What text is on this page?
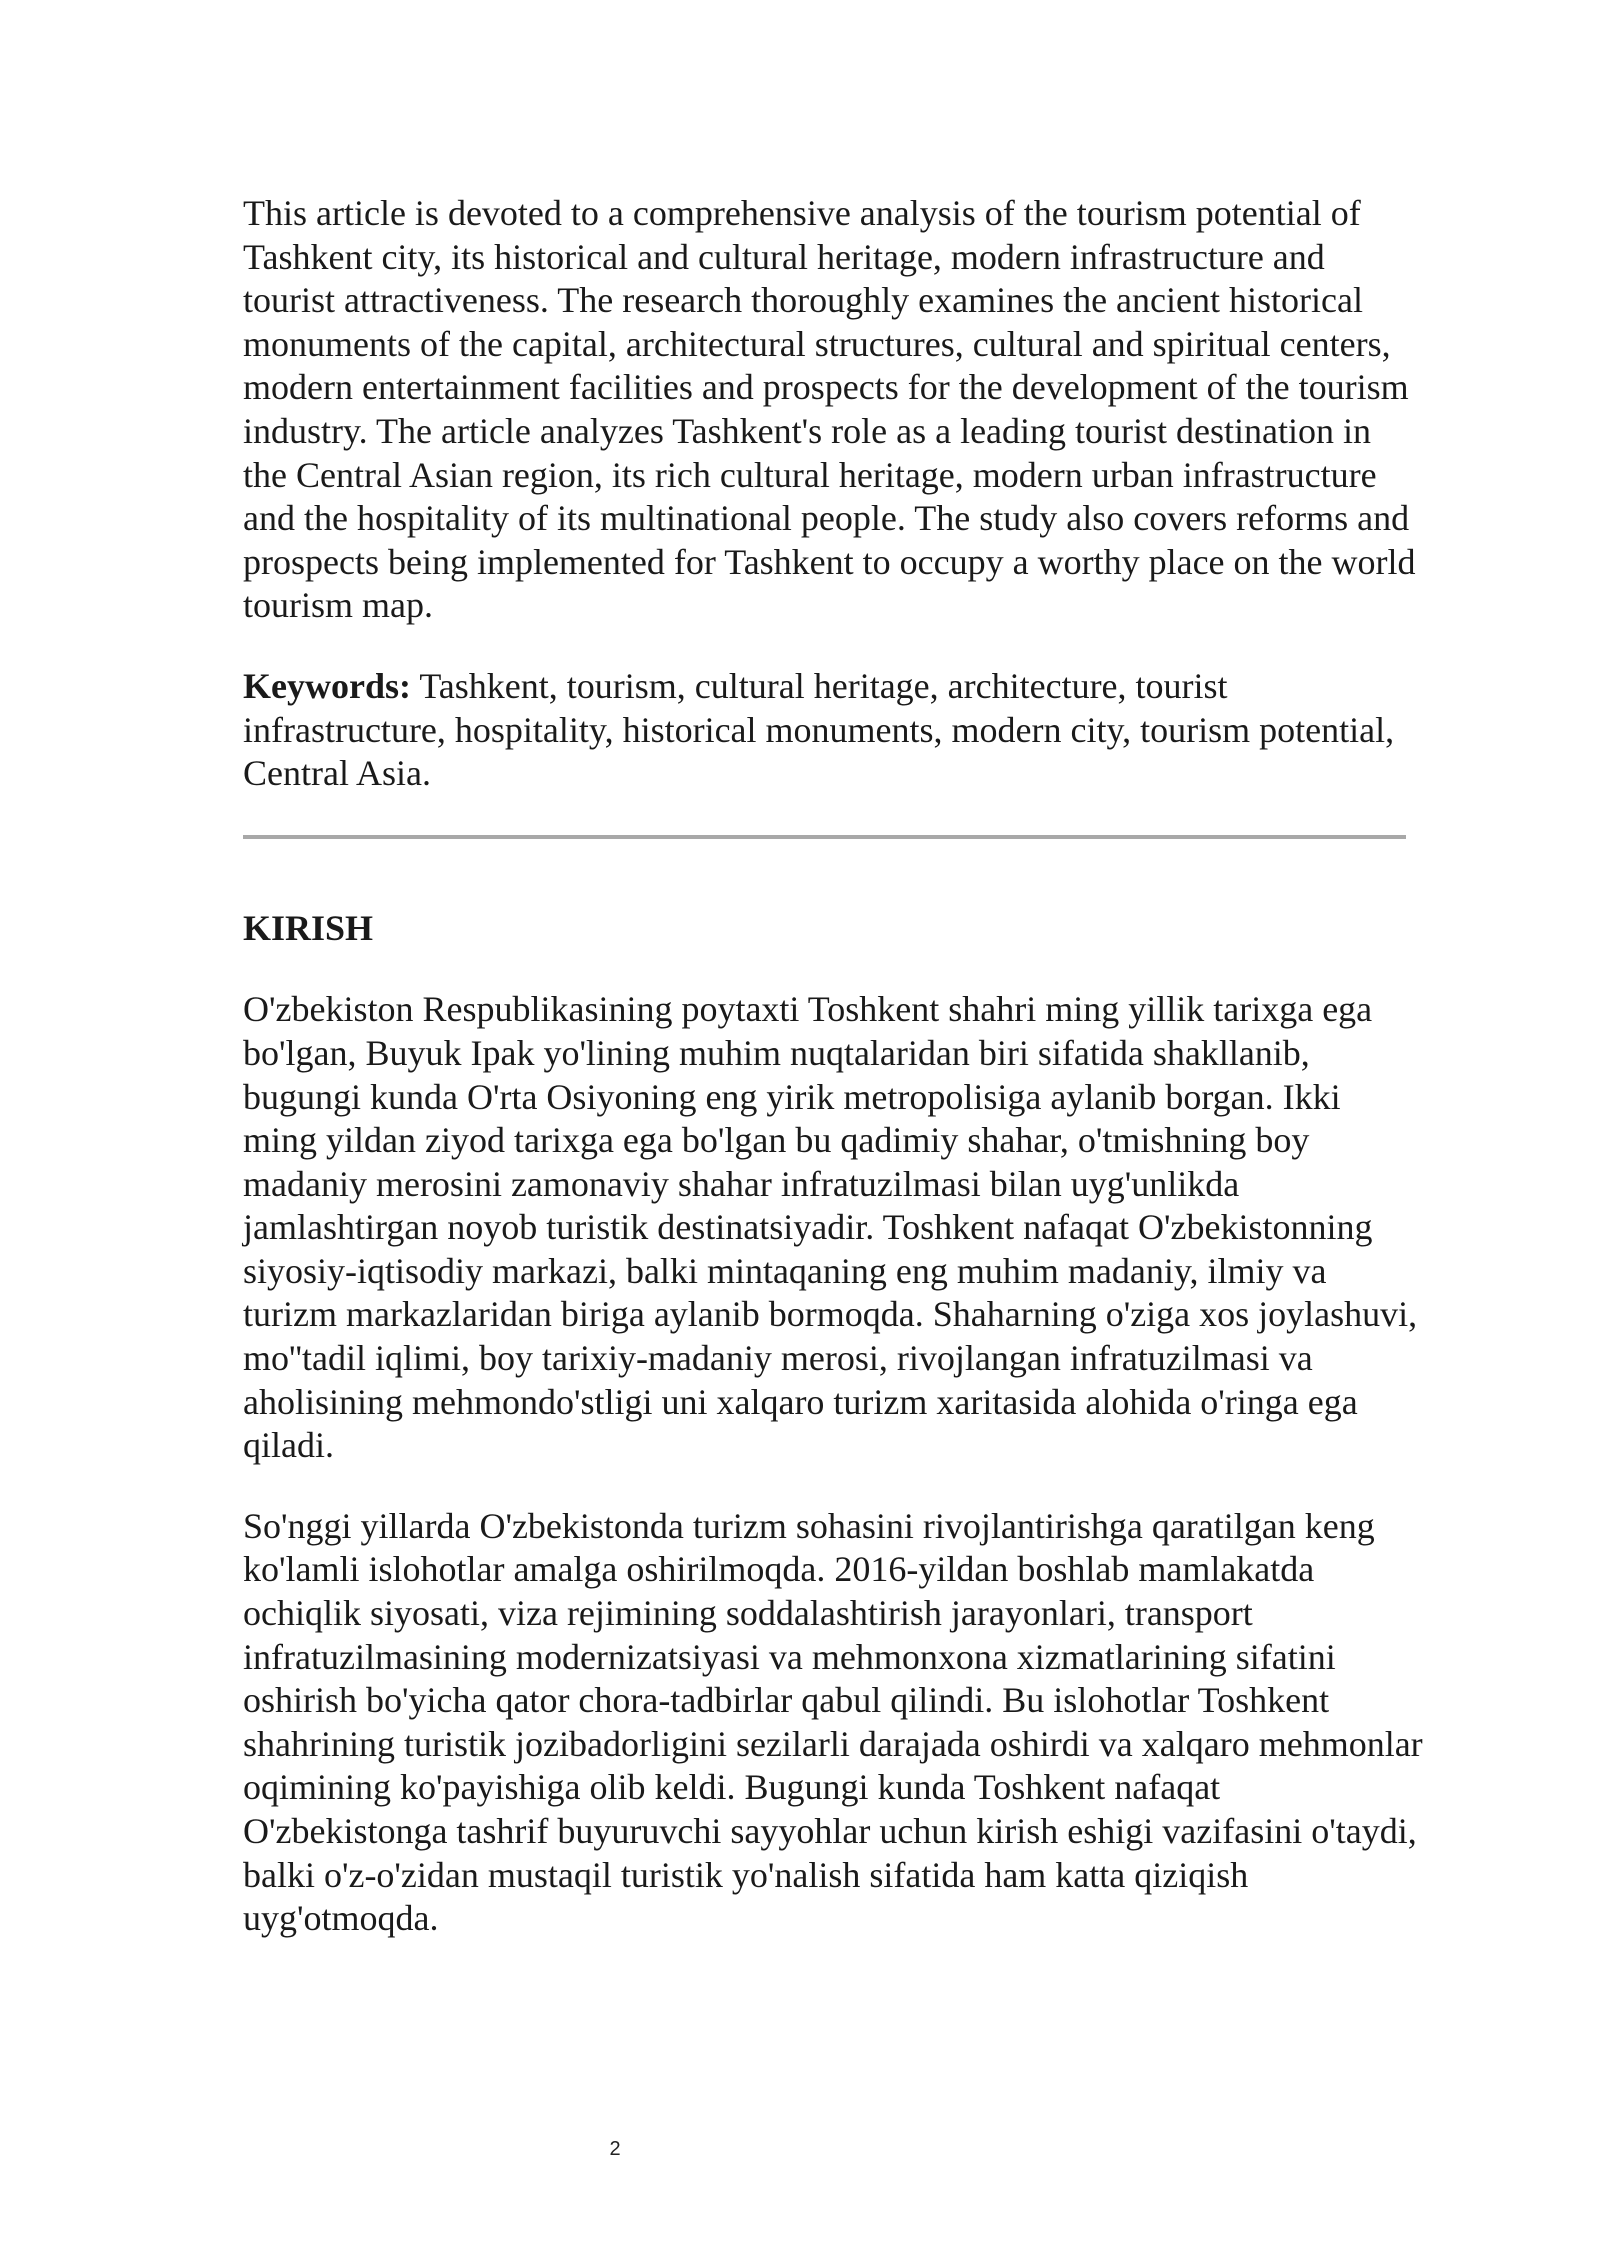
This article is devoted to a comprehensive analysis of the tourism potential of Tashkent city, its historical and cultural heritage, modern infrastructure and tourist attractiveness. The research thoroughly examines the ancient historical monuments of the capital, architectural structures, cultural and spiritual centers, modern entertainment facilities and prospects for the development of the tourism industry. The article analyzes Tashkent's role as a leading tourist destination in the Central Asian region, its rich cultural heritage, modern urban infrastructure and the hospitality of its multinational people. The study also covers reforms and prospects being implemented for Tashkent to occupy a worthy place on the world tourism map.

Keywords: Tashkent, tourism, cultural heritage, architecture, tourist infrastructure, hospitality, historical monuments, modern city, tourism potential, Central Asia.

KIRISH

O'zbekiston Respublikasining poytaxti Toshkent shahri ming yillik tarixga ega bo'lgan, Buyuk Ipak yo'lining muhim nuqtalaridan biri sifatida shakllanib, bugungi kunda O'rta Osiyoning eng yirik metropolisiga aylanib borgan. Ikki ming yildan ziyod tarixga ega bo'lgan bu qadimiy shahar, o'tmishning boy madaniy merosini zamonaviy shahar infratuzilmasi bilan uyg'unlikda jamlashtirgan noyob turistik destinatsiyadir. Toshkent nafaqat O'zbekistonning siyosiy-iqtisodiy markazi, balki mintaqaning eng muhim madaniy, ilmiy va turizm markazlaridan biriga aylanib bormoqda. Shaharning o'ziga xos joylashuvi, mo''tadil iqlimi, boy tarixiy-madaniy merosi, rivojlangan infratuzilmasi va aholisining mehmondo'stligi uni xalqaro turizm xaritasida alohida o'ringa ega qiladi.

So'nggi yillarda O'zbekistonda turizm sohasini rivojlantirishga qaratilgan keng ko'lamli islohotlar amalga oshirilmoqda. 2016-yildan boshlab mamlakatda ochiqlik siyosati, viza rejimining soddalashtirish jarayonlari, transport infratuzilmasining modernizatsiyasi va mehmonxona xizmatlarining sifatini oshirish bo'yicha qator chora-tadbirlar qabul qilindi. Bu islohotlar Toshkent shahrining turistik jozibadorligini sezilarli darajada oshirdi va xalqaro mehmonlar oqimining ko'payishiga olib keldi. Bugungi kunda Toshkent nafaqat O'zbekistonga tashrif buyuruvchi sayyohlar uchun kirish eshigi vazifasini o'taydi, balki o'z-o'zidan mustaqil turistik yo'nalish sifatida ham katta qiziqish uyg'otmoqda.

2
